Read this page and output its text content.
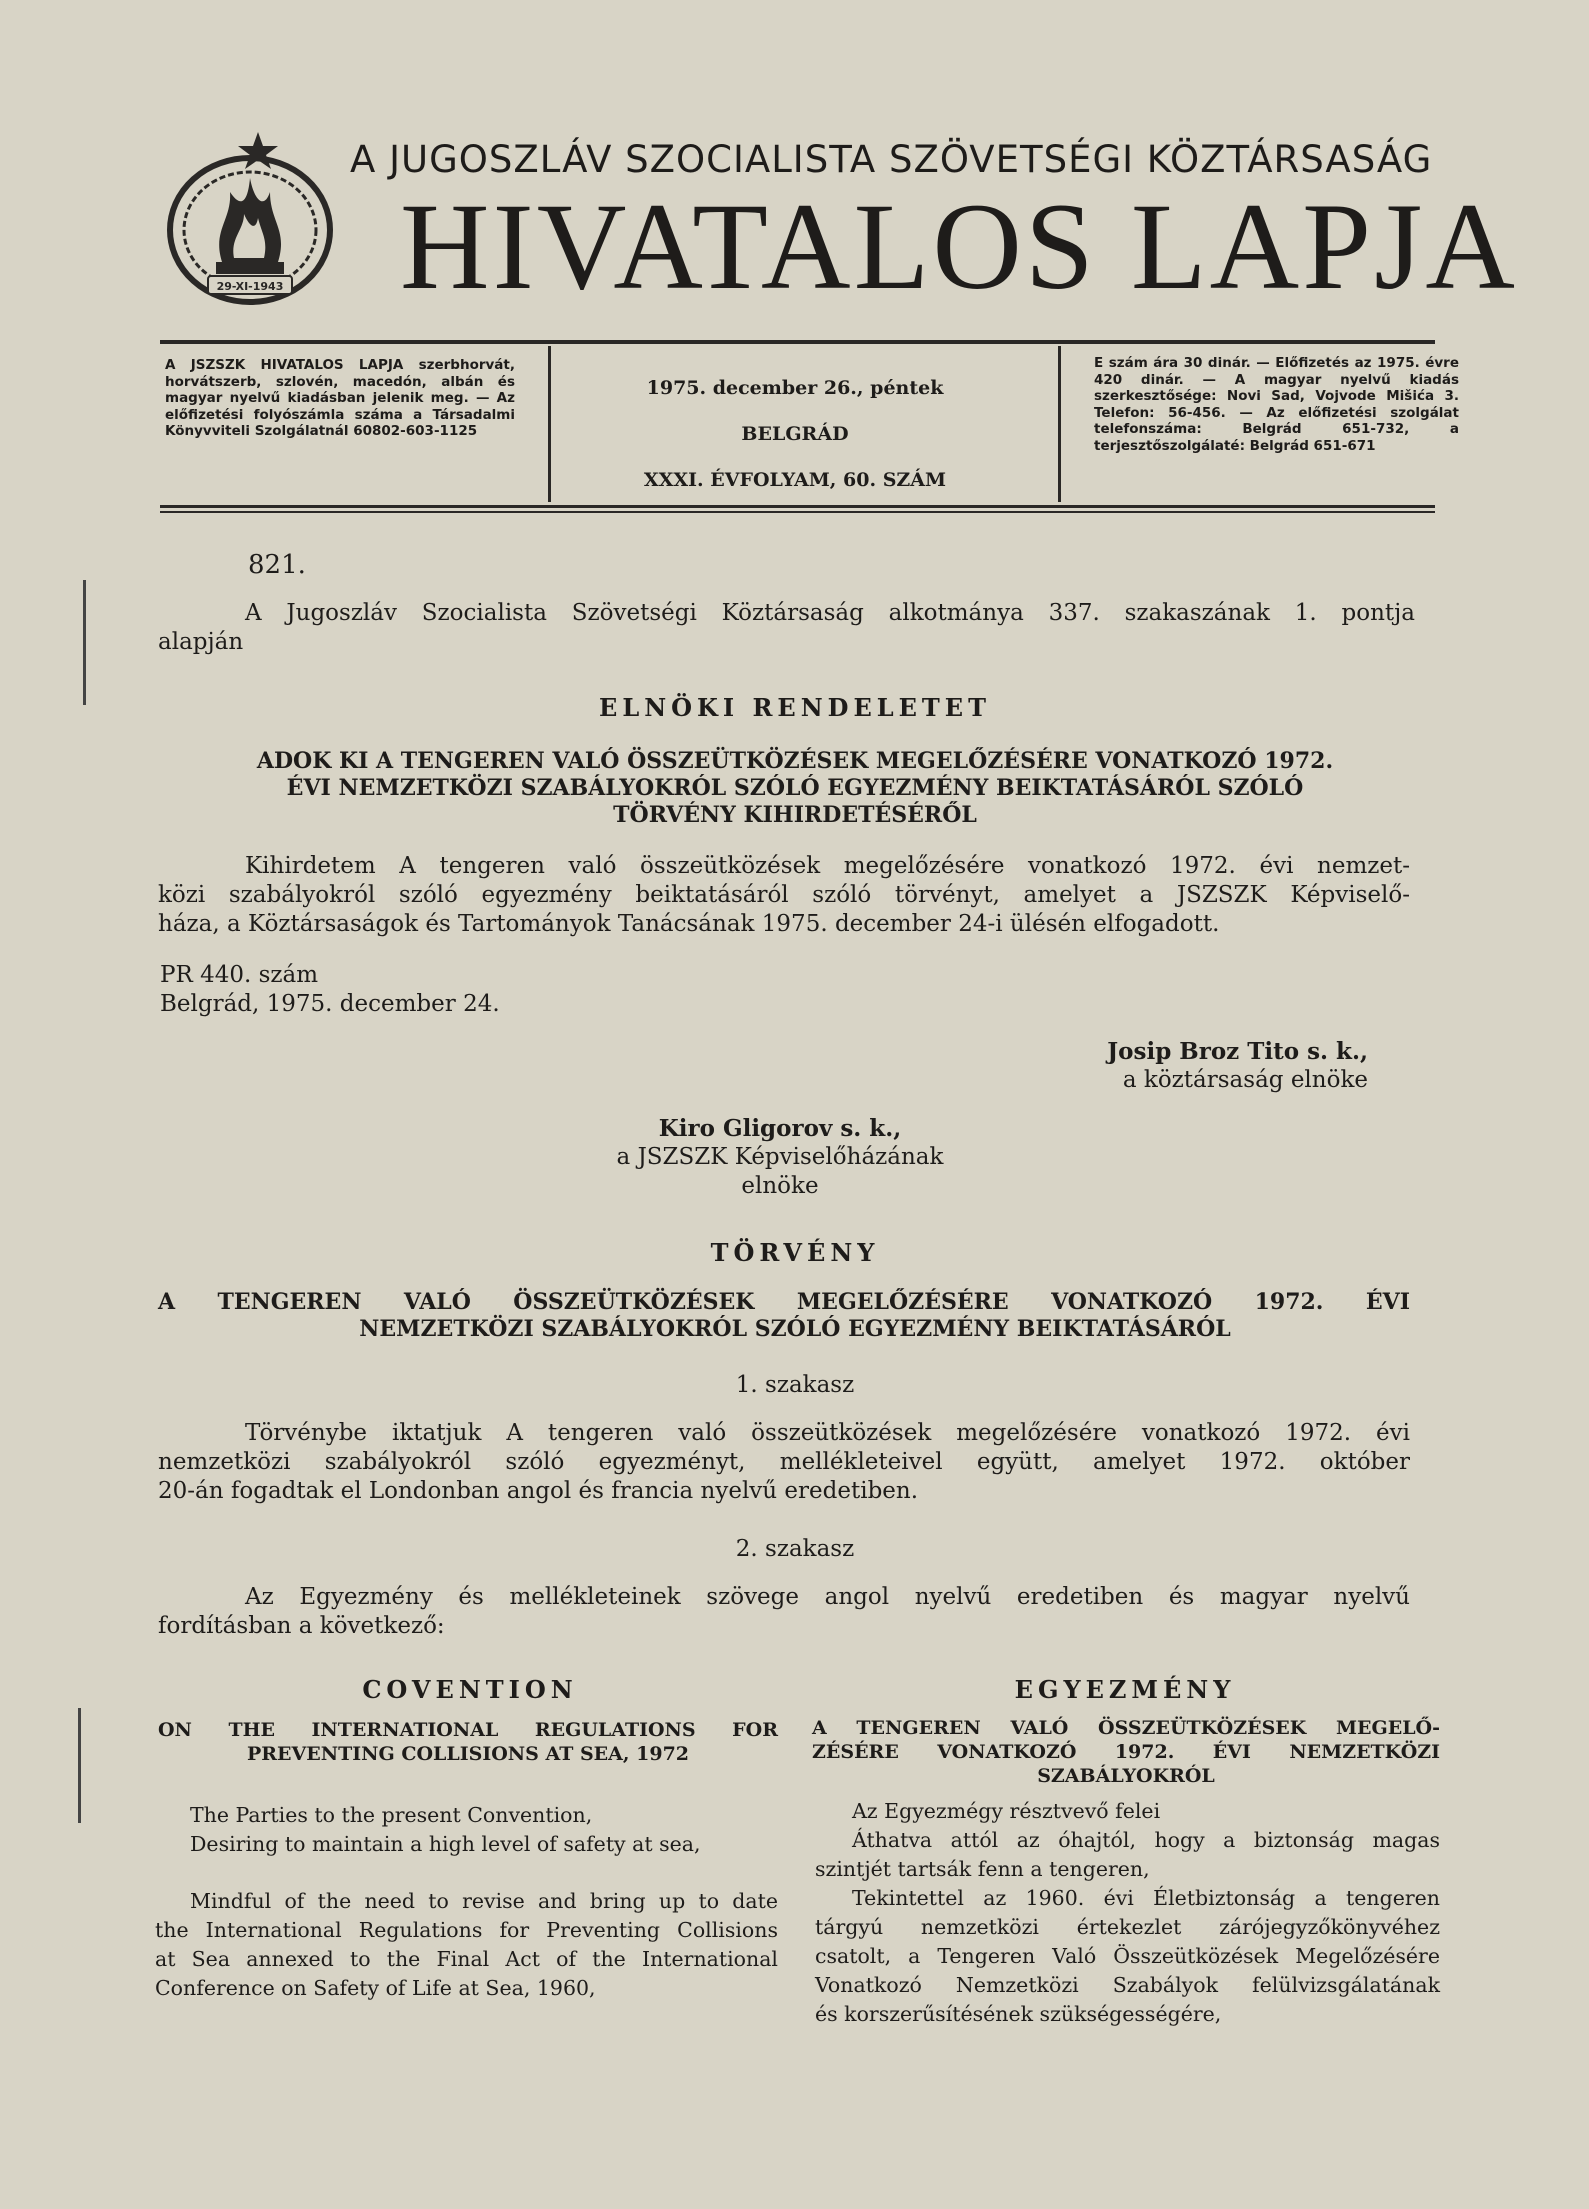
29-XI-1943
A JUGOSZLÁV SZOCIALISTA SZÖVETSÉGI KÖZTÁRSASÁG
HIVATALOS LAPJA
A JSZSZK HIVATALOS LAPJA szerbhorvát, horvátszerb, szlovén, macedón, albán és magyar nyelvű kiadásban jelenik meg. — Az előfizetési folyószámla száma a Társadalmi Könyvviteli Szolgálatnál 60802-603-1125
1975. december 26., péntek
BELGRÁD
XXXI. ÉVFOLYAM, 60. SZÁM
E szám ára 30 dinár. — Előfizetés az 1975. évre 420 dinár. — A magyar nyelvű kiadás szerkesztősége: Novi Sad, Vojvode Mišića 3. Telefon: 56-456. — Az előfizetési szolgálat telefonszáma: Belgrád 651-732, a terjesztőszolgálaté: Belgrád 651-671
821.
A Jugoszláv Szocialista Szövetségi Köztársaság alkotmánya 337. szakaszának 1. pontja
alapján
ELNÖKI RENDELETET
ADOK KI A TENGEREN VALÓ ÖSSZEÜTKÖZÉSEK MEGELŐZÉSÉRE VONATKOZÓ 1972.
ÉVI NEMZETKÖZI SZABÁLYOKRÓL SZÓLÓ EGYEZMÉNY BEIKTATÁSÁRÓL SZÓLÓ
TÖRVÉNY KIHIRDETÉSÉRŐL
Kihirdetem A tengeren való összeütközések megelőzésére vonatkozó 1972. évi nemzet-
közi szabályokról szóló egyezmény beiktatásáról szóló törvényt, amelyet a JSZSZK Képviselő-
háza, a Köztársaságok és Tartományok Tanácsának 1975. december 24-i ülésén elfogadott.
PR 440. szám
Belgrád, 1975. december 24.
Josip Broz Tito s. k.,
a köztársaság elnöke
Kiro Gligorov s. k.,
a JSZSZK Képviselőházának
elnöke
TÖRVÉNY
A TENGEREN VALÓ ÖSSZEÜTKÖZÉSEK MEGELŐZÉSÉRE VONATKOZÓ 1972. ÉVI
NEMZETKÖZI SZABÁLYOKRÓL SZÓLÓ EGYEZMÉNY BEIKTATÁSÁRÓL
1. szakasz
Törvénybe iktatjuk A tengeren való összeütközések megelőzésére vonatkozó 1972. évi
nemzetközi szabályokról szóló egyezményt, mellékleteivel együtt, amelyet 1972. október
20-án fogadtak el Londonban angol és francia nyelvű eredetiben.
2. szakasz
Az Egyezmény és mellékleteinek szövege angol nyelvű eredetiben és magyar nyelvű
fordításban a következő:
COVENTION
ON THE INTERNATIONAL REGULATIONS FOR
PREVENTING COLLISIONS AT SEA, 1972
The Parties to the present Convention,
Desiring to maintain a high level of safety at sea,
Mindful of the need to revise and bring up to date
the International Regulations for Preventing Collisions
at Sea annexed to the Final Act of the International
Conference on Safety of Life at Sea, 1960,
EGYEZMÉNY
A TENGEREN VALÓ ÖSSZEÜTKÖZÉSEK MEGELŐ-
ZÉSÉRE VONATKOZÓ 1972. ÉVI NEMZETKÖZI
SZABÁLYOKRÓL
Az Egyezmégy résztvevő felei
Áthatva attól az óhajtól, hogy a biztonság magas
szintjét tartsák fenn a tengeren,
Tekintettel az 1960. évi Életbiztonság a tengeren
tárgyú nemzetközi értekezlet zárójegyzőkönyvéhez
csatolt, a Tengeren Való Összeütközések Megelőzésére
Vonatkozó Nemzetközi Szabályok felülvizsgálatának
és korszerűsítésének szükségességére,
